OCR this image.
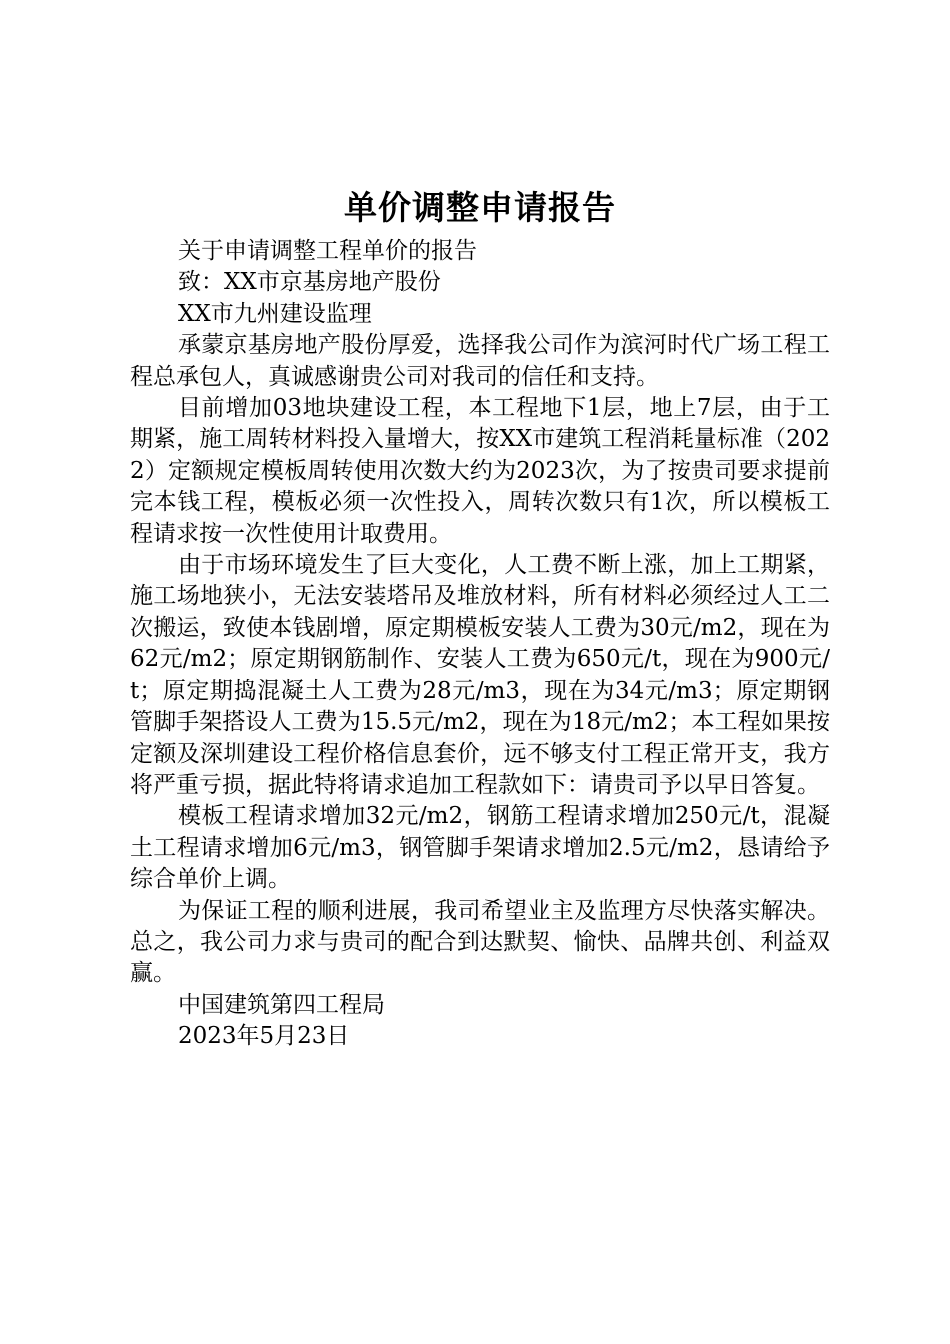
单价调整申请报告

关于申请调整工程单价的报告

致：XX市京基房地产股份

XX市九州建设监理

承蒙京基房地产股份厚爱，选择我公司作为滨河时代广场工程工程总承包人，真诚感谢贵公司对我司的信任和支持。

目前增加03地块建设工程，本工程地下1层，地上7层，由于工期紧，施工周转材料投入量增大，按XX市建筑工程消耗量标准（2022）定额规定模板周转使用次数大约为2023次，为了按贵司要求提前完本钱工程，模板必须一次性投入，周转次数只有1次，所以模板工程请求按一次性使用计取费用。

由于市场环境发生了巨大变化，人工费不断上涨，加上工期紧，施工场地狭小，无法安装塔吊及堆放材料，所有材料必须经过人工二次搬运，致使本钱剧增，原定期模板安装人工费为30元/m2，现在为62元/m2；原定期钢筋制作、安装人工费为650元/t，现在为900元/t；原定期捣混凝土人工费为28元/m3，现在为34元/m3；原定期钢管脚手架搭设人工费为15.5元/m2，现在为18元/m2；本工程如果按定额及深圳建设工程价格信息套价，远不够支付工程正常开支，我方将严重亏损，据此特将请求追加工程款如下：请贵司予以早日答复。

模板工程请求增加32元/m2，钢筋工程请求增加250元/t，混凝土工程请求增加6元/m3，钢管脚手架请求增加2.5元/m2，恳请给予综合单价上调。

为保证工程的顺利进展，我司希望业主及监理方尽快落实解决。总之，我公司力求与贵司的配合到达默契、愉快、品牌共创、利益双赢。

中国建筑第四工程局

2023年5月23日
